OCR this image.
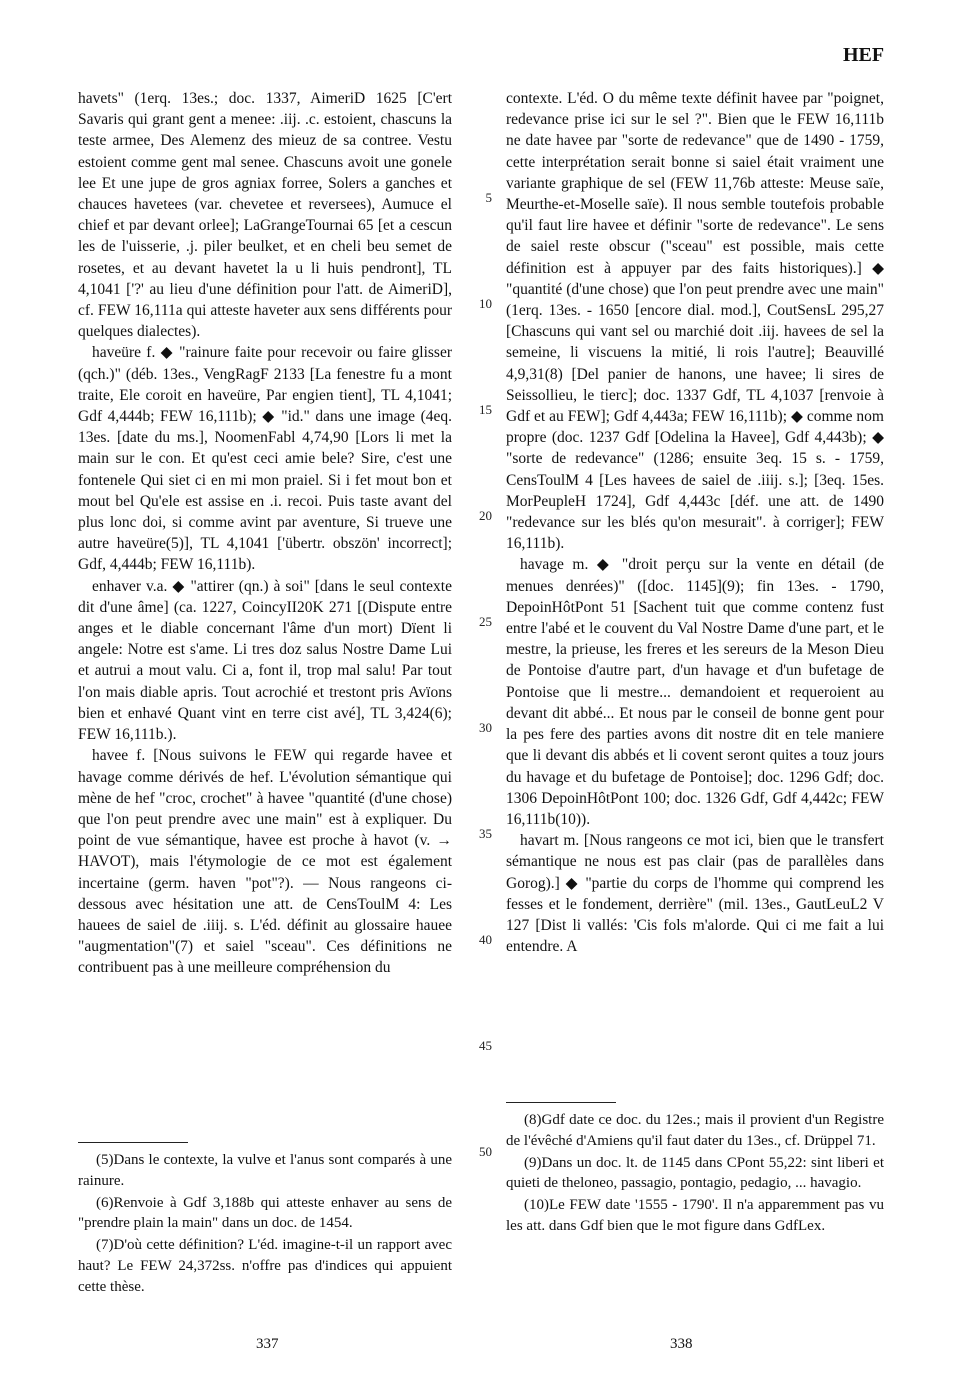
HEF

havets" (1erq. 13es.; doc. 1337, AimeriD 1625 [C'ert Savaris qui grant gent a menee: .iij. .c. estoient, chascuns la teste armee, Des Alemenz des mieuz de sa contree. Vestu estoient comme gent mal senee. Chascuns avoit une gonele lee Et une jupe de gros agniax forree, Solers a ganches et chauces havetees (var. chevetee et reversees), Aumuce el chief et par devant orlee]; LaGrangeTournai 65 [et a cescun les de l'uisserie, .j. piler beulket, et en cheli beu semet de rosetes, et au devant havetet la u li huis pendront], TL 4,1041 ['?' au lieu d'une définition pour l'att. de AimeriD], cf. FEW 16,111a qui atteste haveter aux sens différents pour quelques dialectes).

haveüre f. ◆ "rainure faite pour recevoir ou faire glisser (qch.)" (déb. 13es., VengRagF 2133 [La fenestre fu a mont traite, Ele coroit en haveüre, Par engien tient], TL 4,1041; Gdf 4,444b; FEW 16,111b); ◆ "id." dans une image (4eq. 13es. [date du ms.], NoomenFabl 4,74,90 [Lors li met la main sur le con. Et qu'est ceci amie bele? Sire, c'est une fontenele Qui siet ci en mi mon praiel. Si i fet mout bon et mout bel Qu'ele est assise en .i. recoi. Puis taste avant del plus lonc doi, si comme avint par aventure, Si trueve une autre haveüre(5)], TL 4,1041 ['übertr. obszön' incorrect]; Gdf, 4,444b; FEW 16,111b).

enhaver v.a. ◆ "attirer (qn.) à soi" [dans le seul contexte dit d'une âme] (ca. 1227, CoincyII20K 271 [(Dispute entre anges et le diable concernant l'âme d'un mort) Dïent li angele: Notre est s'ame. Li tres doz salus Nostre Dame Lui et autrui a mout valu. Ci a, font il, trop mal salu! Par tout l'on mais diable apris. Tout acrochié et trestont pris Avïons bien et enhavé Quant vint en terre cist avé], TL 3,424(6); FEW 16,111b.).

havee f. [Nous suivons le FEW qui regarde havee et havage comme dérivés de hef. L'évolution sémantique qui mène de hef "croc, crochet" à havee "quantité (d'une chose) que l'on peut prendre avec une main" est à expliquer. Du point de vue sémantique, havee est proche à havot (v. → HAVOT), mais l'étymologie de ce mot est également incertaine (germ. haven "pot"?). — Nous rangeons ci-dessous avec hésitation une att. de CensToulM 4: Les hauees de saiel de .iiij. s. L'éd. définit au glossaire hauee "augmentation"(7) et saiel "sceau". Ces définitions ne contribuent pas à une meilleure compréhension du

contexte. L'éd. O du même texte définit havee par "poignet, redevance prise ici sur le sel ?". Bien que le FEW 16,111b ne date havee par "sorte de redevance" que de 1490 - 1759, cette interprétation serait bonne si saiel était vraiment une variante graphique de sel (FEW 11,76b atteste: Meuse saïe, Meurthe-et-Moselle saïe). Il nous semble toutefois probable qu'il faut lire havee et définir "sorte de redevance". Le sens de saiel reste obscur ("sceau" est possible, mais cette définition est à appuyer par des faits historiques).] ◆ "quantité (d'une chose) que l'on peut prendre avec une main" (1erq. 13es. - 1650 [encore dial. mod.], CoutSensL 295,27 [Chascuns qui vant sel ou marchié doit .iij. havees de sel la semeine, li viscuens la mitié, li rois l'autre]; Beauvillé 4,9,31(8) [Del panier de hanons, une havee; li sires de Seissollieu, le tierc]; doc. 1337 Gdf, TL 4,1037 [renvoie à Gdf et au FEW]; Gdf 4,443a; FEW 16,111b); ◆ comme nom propre (doc. 1237 Gdf [Odelina la Havee], Gdf 4,443b); ◆ "sorte de redevance" (1286; ensuite 3eq. 15 s. - 1759, CensToulM 4 [Les havees de saiel de .iiij. s.]; [3eq. 15es. MorPeupleH 1724], Gdf 4,443c [déf. une att. de 1490 "redevance sur les blés qu'on mesurait". à corriger]; FEW 16,111b).

havage m. ◆ "droit perçu sur la vente en détail (de menues denrées)" ([doc. 1145](9); fin 13es. - 1790, DepoinHôtPont 51 [Sachent tuit que comme contenz fust entre l'abé et le couvent du Val Nostre Dame d'une part, et le mestre, la prieuse, les freres et les sereurs de la Meson Dieu de Pontoise d'autre part, d'un havage et d'un bufetage de Pontoise que li mestre... demandoient et requeroient au devant dit abbé... Et nous par le conseil de bonne gent pour la pes fere des parties avons dit nostre dit en tele maniere que li devant dis abbés et li covent seront quites a touz jours du havage et du bufetage de Pontoise]; doc. 1296 Gdf; doc. 1306 DepoinHôtPont 100; doc. 1326 Gdf, Gdf 4,442c; FEW 16,111b(10)).

havart m. [Nous rangeons ce mot ici, bien que le transfert sémantique ne nous est pas clair (pas de parallèles dans Gorog).] ◆ "partie du corps de l'homme qui comprend les fesses et le fondement, derrière" (mil. 13es., GautLeuL2 V 127 [Dist li vallés: 'Cis fols m'alorde. Qui ci me fait a lui entendre. A

5
10
15
20
25
30
35
40
45
50

(5)Dans le contexte, la vulve et l'anus sont comparés à une rainure.

(6)Renvoie à Gdf 3,188b qui atteste enhaver au sens de "prendre plain la main" dans un doc. de 1454.

(7)D'où cette définition? L'éd. imagine-t-il un rapport avec haut? Le FEW 24,372ss. n'offre pas d'indices qui appuient cette thèse.

(8)Gdf date ce doc. du 12es.; mais il provient d'un Registre de l'évêché d'Amiens qu'il faut dater du 13es., cf. Drüppel 71.

(9)Dans un doc. lt. de 1145 dans CPont 55,22: sint liberi et quieti de theloneo, passagio, pontagio, pedagio, ... havagio.

(10)Le FEW date '1555 - 1790'. Il n'a apparemment pas vu les att. dans Gdf bien que le mot figure dans GdfLex.

337	338
